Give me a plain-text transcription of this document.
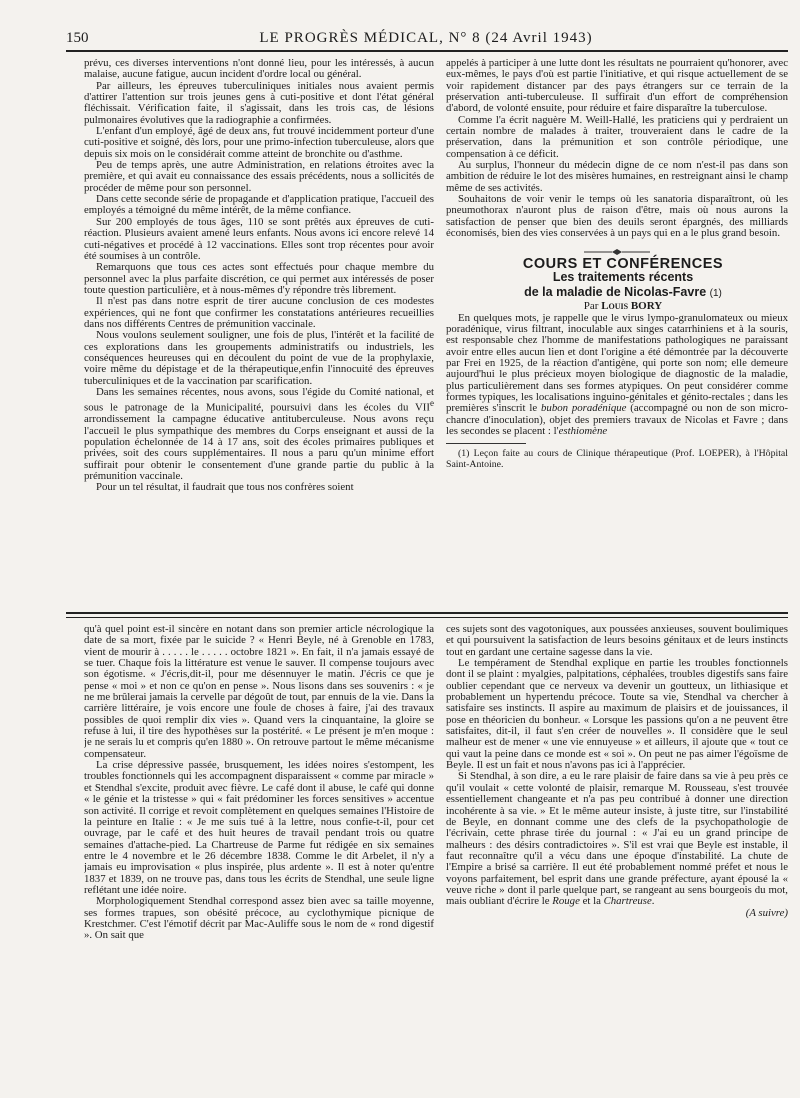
150	LE PROGRÈS MÉDICAL, N° 8 (24 Avril 1943)

prévu, ces diverses interventions n'ont donné lieu, pour les intéressés, à aucun malaise, aucune fatigue, aucun incident d'ordre local ou général.

Par ailleurs, les épreuves tuberculiniques initiales nous avaient permis d'attirer l'attention sur trois jeunes gens à cuti-positive et dont l'état général fléchissait. Vérification faite, il s'agissait, dans les trois cas, de lésions pulmonaires évolutives que la radiographie a confirmées.

L'enfant d'un employé, âgé de deux ans, fut trouvé incidemment porteur d'une cuti-positive et soigné, dès lors, pour une primo-infection tuberculeuse, alors que depuis six mois on le considérait comme atteint de bronchite ou d'asthme.

Peu de temps après, une autre Administration, en relations étroites avec la première, et qui avait eu connaissance des essais précédents, nous a sollicités de procéder de même pour son personnel.

Dans cette seconde série de propagande et d'application pratique, l'accueil des employés a témoigné du même intérêt, de la même confiance.

Sur 200 employés de tous âges, 110 se sont prêtés aux épreuves de cuti-réaction. Plusieurs avaient amené leurs enfants. Nous avons ici encore relevé 14 cuti-négatives et procédé à 12 vaccinations. Elles sont trop récentes pour avoir été soumises à un contrôle.

Remarquons que tous ces actes sont effectués pour chaque membre du personnel avec la plus parfaite discrétion, ce qui permet aux intéressés de poser toute question particulière, et à nous-mêmes d'y répondre très librement.

Il n'est pas dans notre esprit de tirer aucune conclusion de ces modestes expériences, qui ne font que confirmer les constatations antérieures recueillies dans nos différents Centres de prémunition vaccinale.

Nous voulons seulement souligner, une fois de plus, l'intérêt et la facilité de ces explorations dans les groupements administratifs ou industriels, les conséquences heureuses qui en découlent du point de vue de la prophylaxie, voire même du dépistage et de la thérapeutique,enfin l'innocuité des épreuves tuberculiniques et de la vaccination par scarification.

Dans les semaines récentes, nous avons, sous l'égide du Comité national, et sous le patronage de la Municipalité, poursuivi dans les écoles du VIIe arrondissement la campagne éducative antituberculeuse. Nous avons reçu l'accueil le plus sympathique des membres du Corps enseignant et aussi de la population échelonnée de 14 à 17 ans, soit des écoles primaires publiques et privées, soit des cours supplémentaires. Il nous a paru qu'un minime effort suffirait pour obtenir le consentement d'une grande partie du public à la prémunition vaccinale.

Pour un tel résultat, il faudrait que tous nos confrères soient

appelés à participer à une lutte dont les résultats ne pourraient qu'honorer, avec eux-mêmes, le pays d'où est partie l'initiative, et qui risque actuellement de se voir rapidement distancer par des pays étrangers sur ce terrain de la préservation anti-tuberculeuse. Il suffirait d'un effort de compréhension d'abord, de volonté ensuite, pour réduire et faire disparaître la tuberculose.

Comme l'a écrit naguère M. Weill-Hallé, les praticiens qui y perdraient un certain nombre de malades à traiter, trouveraient dans le cadre de la préservation, dans la prémunition et son contrôle périodique, une compensation à ce déficit.

Au surplus, l'honneur du médecin digne de ce nom n'est-il pas dans son ambition de réduire le lot des misères humaines, en restreignant ainsi le champ même de ses activités.

Souhaitons de voir venir le temps où les sanatoria disparaîtront, où les pneumothorax n'auront plus de raison d'être, mais où nous aurons la satisfaction de penser que bien des deuils seront épargnés, des milliards économisés, bien des vies conservées à un pays qui en a le plus grand besoin.

COURS ET CONFÉRENCES

Les traitements récents

de la maladie de Nicolas-Favre (1)

Par Louis BORY

En quelques mots, je rappelle que le virus lympo-granulomateux ou mieux poradénique, virus filtrant, inoculable aux singes catarrhiniens et à la souris, est responsable chez l'homme de manifestations pathologiques ne paraissant avoir entre elles aucun lien et dont l'origine a été démontrée par la découverte par Frei en 1925, de la réaction d'antigène, qui porte son nom; elle demeure aujourd'hui le plus précieux moyen biologique de diagnostic de la maladie, plus particulièrement dans ses formes atypiques. On peut considérer comme formes typiques, les localisations inguino-génitales et génito-rectales ; dans les premières s'inscrit le bubon poradénique (accompagné ou non de son micro-chancre d'inoculation), objet des premiers travaux de Nicolas et Favre ; dans les secondes se placent : l'esthiomène

(1) Leçon faite au cours de Clinique thérapeutique (Prof. LOEPER), à l'Hôpital Saint-Antoine.

qu'à quel point est-il sincère en notant dans son premier article nécrologique la date de sa mort, fixée par le suicide ? « Henri Beyle, né à Grenoble en 1783, vient de mourir à . . . . . le . . . . . octobre 1821 ». En fait, il n'a jamais essayé de se tuer. Chaque fois la littérature est venue le sauver. Il compense toujours avec son égotisme. « J'écris,dit-il, pour me désennuyer le matin. J'écris ce que je pense « moi » et non ce qu'on en pense ». Nous lisons dans ses souvenirs : « je ne me brûlerai jamais la cervelle par dégoût de tout, par ennuis de la vie. Dans la carrière littéraire, je vois encore une foule de choses à faire, j'ai des travaux possibles de quoi remplir dix vies ». Quand vers la cinquantaine, la gloire se refuse à lui, il tire des hypothèses sur la postérité. « Le présent je m'en moque : je ne serais lu et compris qu'en 1880 ». On retrouve partout le même mécanisme compensateur.

La crise dépressive passée, brusquement, les idées noires s'estompent, les troubles fonctionnels qui les accompagnent disparaissent « comme par miracle » et Stendhal s'excite, produit avec fièvre. Le café dont il abuse, le café qui donne « le génie et la tristesse » qui « fait prédominer les forces sensitives » accentue son activité. Il corrige et revoit complètement en quelques semaines l'Histoire de la peinture en Italie : « Je me suis tué à la lettre, nous confie-t-il, pour cet ouvrage, par le café et des huit heures de travail pendant trois ou quatre semaines d'attache-pied. La Chartreuse de Parme fut rédigée en six semaines entre le 4 novembre et le 26 décembre 1838. Comme le dit Arbelet, il n'y a jamais eu improvisation « plus inspirée, plus ardente ». Il est à noter qu'entre 1837 et 1839, on ne trouve pas, dans tous les écrits de Stendhal, une seule ligne reflétant une idée noire.

Morphologiquement Stendhal correspond assez bien avec sa taille moyenne, ses formes trapues, son obésité précoce, au cyclothymique picnique de Krestchmer. C'est l'émotif décrit par Mac-Auliffe sous le nom de « rond digestif ». On sait que

ces sujets sont des vagotoniques, aux poussées anxieuses, souvent boulimiques et qui poursuivent la satisfaction de leurs besoins génitaux et de leurs instincts tout en gardant une certaine sagesse dans la vie.

Le tempérament de Stendhal explique en partie les troubles fonctionnels dont il se plaint : myalgies, palpitations, céphalées, troubles digestifs sans faire oublier cependant que ce nerveux va devenir un goutteux, un lithiasique et probablement un hypertendu précoce. Toute sa vie, Stendhal va chercher à satisfaire ses instincts. Il aspire au maximum de plaisirs et de jouissances, il pose en théoricien du bonheur. « Lorsque les passions qu'on a ne peuvent être satisfaites, dit-il, il faut s'en créer de nouvelles ». Il considère que le seul malheur est de mener « une vie ennuyeuse » et ailleurs, il ajoute que « tout ce qui vaut la peine dans ce monde est « soi ». On peut ne pas aimer l'égoïsme de Beyle. Il est un fait et nous n'avons pas ici à l'apprécier.

Si Stendhal, à son dire, a eu le rare plaisir de faire dans sa vie à peu près ce qu'il voulait « cette volonté de plaisir, remarque M. Rousseau, s'est trouvée essentiellement changeante et n'a pas peu contribué à donner une direction incohérente à sa vie. » Et le même auteur insiste, à juste titre, sur l'instabilité de Beyle, en donnant comme une des clefs de la psychopathologie de l'écrivain, cette phrase tirée du journal : « J'ai eu un grand principe de malheurs : des désirs contradictoires ». S'il est vrai que Beyle est instable, il faut reconnaître qu'il a vécu dans une époque d'instabilité. La chute de l'Empire a brisé sa carrière. Il eut été probablement nommé préfet et nous le voyons parfaitement, bel esprit dans une grande préfecture, ayant épousé la « veuve riche » dont il parle quelque part, se rangeant au sens bourgeois du mot, mais oubliant d'écrire le Rouge et la Chartreuse.

(A suivre)
